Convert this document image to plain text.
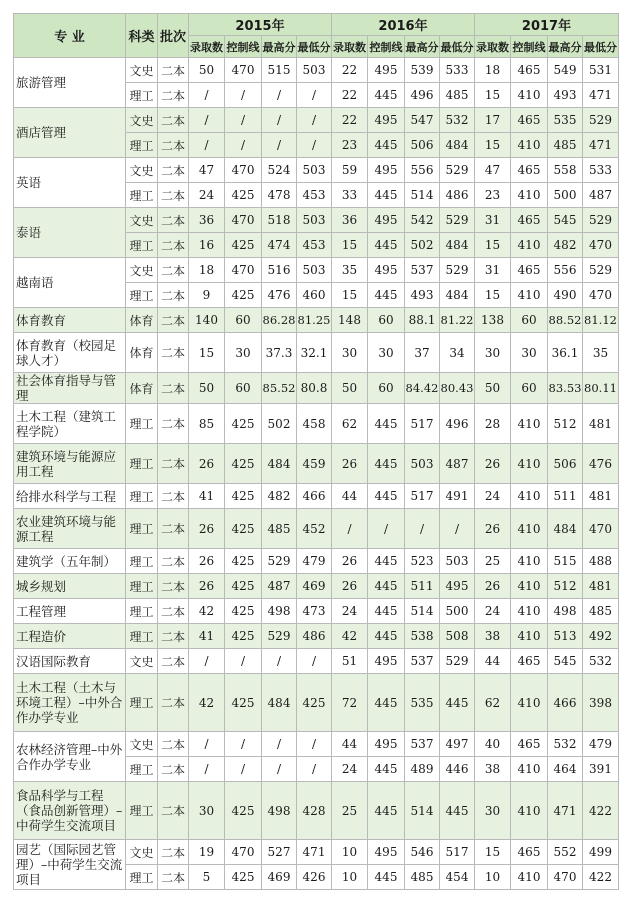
专 业	科类	批次	2015年				2016年				2017年			
			录取数	控制线	最高分	最低分	录取数	控制线	最高分	最低分	录取数	控制线	最高分	最低分
旅游管理	文史	二本	50	470	515	503	22	495	539	533	18	465	549	531
	理工	二本	/	/	/	/	22	445	496	485	15	410	493	471
酒店管理	文史	二本	/	/	/	/	22	495	547	532	17	465	535	529
	理工	二本	/	/	/	/	23	445	506	484	15	410	485	471
英语	文史	二本	47	470	524	503	59	495	556	529	47	465	558	533
	理工	二本	24	425	478	453	33	445	514	486	23	410	500	487
泰语	文史	二本	36	470	518	503	36	495	542	529	31	465	545	529
	理工	二本	16	425	474	453	15	445	502	484	15	410	482	470
越南语	文史	二本	18	470	516	503	35	495	537	529	31	465	556	529
	理工	二本	9	425	476	460	15	445	493	484	15	410	490	470
体育教育	体育	二本	140	60	86.28	81.25	148	60	88.1	81.22	138	60	88.52	81.12
体育教育（校园足球人才）	体育	二本	15	30	37.3	32.1	30	30	37	34	30	30	36.1	35
社会体育指导与管理	体育	二本	50	60	85.52	80.8	50	60	84.42	80.43	50	60	83.53	80.11
土木工程（建筑工程学院）	理工	二本	85	425	502	458	62	445	517	496	28	410	512	481
建筑环境与能源应用工程	理工	二本	26	425	484	459	26	445	503	487	26	410	506	476
给排水科学与工程	理工	二本	41	425	482	466	44	445	517	491	24	410	511	481
农业建筑环境与能源工程	理工	二本	26	425	485	452	/	/	/	/	26	410	484	470
建筑学（五年制）	理工	二本	26	425	529	479	26	445	523	503	25	410	515	488
城乡规划	理工	二本	26	425	487	469	26	445	511	495	26	410	512	481
工程管理	理工	二本	42	425	498	473	24	445	514	500	24	410	498	485
工程造价	理工	二本	41	425	529	486	42	445	538	508	38	410	513	492
汉语国际教育	文史	二本	/	/	/	/	51	495	537	529	44	465	545	532
土木工程（土木与环境工程）–中外合作办学专业	理工	二本	42	425	484	425	72	445	535	445	62	410	466	398
农林经济管理–中外合作办学专业	文史	二本	/	/	/	/	44	495	537	497	40	465	532	479
	理工	二本	/	/	/	/	24	445	489	446	38	410	464	391
食品科学与工程（食品创新管理）–中荷学生交流项目	理工	二本	30	425	498	428	25	445	514	445	30	410	471	422
园艺（国际园艺管理）–中荷学生交流项目	文史	二本	19	470	527	471	10	495	546	517	15	465	552	499
	理工	二本	5	425	469	426	10	445	485	454	10	410	470	422
